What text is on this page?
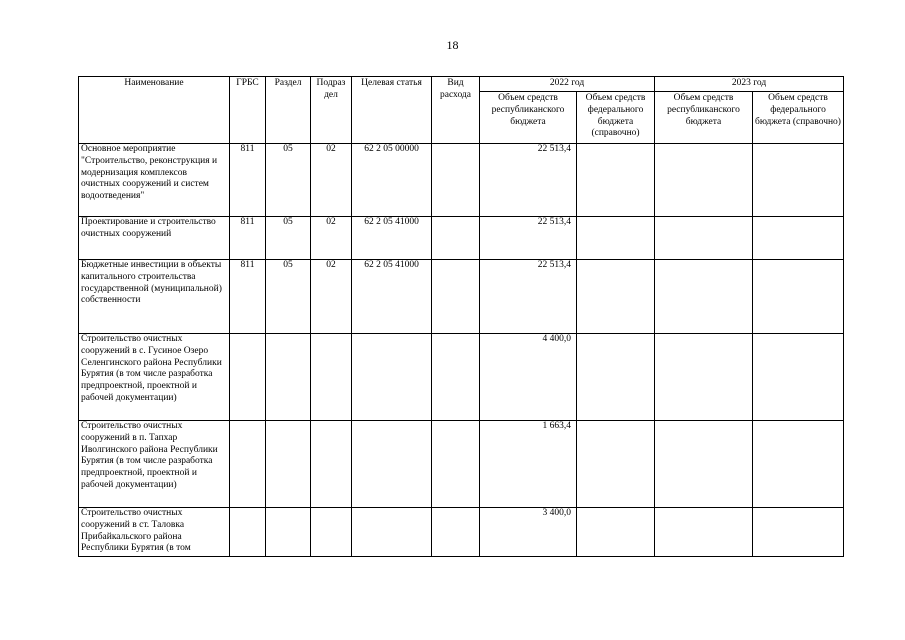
18
Наименование	ГРБС	Раздел	Подраз дел	Целевая статья	Вид расхода	2022 год		2023 год	
						Объем средств республиканского бюджета	Объем средств федерального бюджета (справочно)	Объем средств республиканского бюджета	Объем средств федерального бюджета (справочно)
Основное мероприятие "Строительство, реконструкция и модернизация комплексов очистных сооружений и систем водоотведения"	811	05	02	62 2 05 00000		22 513,4			
Проектирование и строительство очистных сооружений	811	05	02	62 2 05 41000		22 513,4			
Бюджетные инвестиции в объекты капитального строительства государственной (муниципальной) собственности	811	05	02	62 2 05 41000		22 513,4			
Строительство очистных сооружений в с. Гусиное Озеро Селенгинского района Республики Бурятия (в том числе разработка предпроектной, проектной и рабочей документации)						4 400,0			
Строительство очистных сооружений в п. Тапхар Иволгинского района Республики Бурятия (в том числе разработка предпроектной, проектной и рабочей документации)						1 663,4			
Строительство очистных сооружений в ст. Таловка Прибайкальского района Республики Бурятия (в том						3 400,0			
